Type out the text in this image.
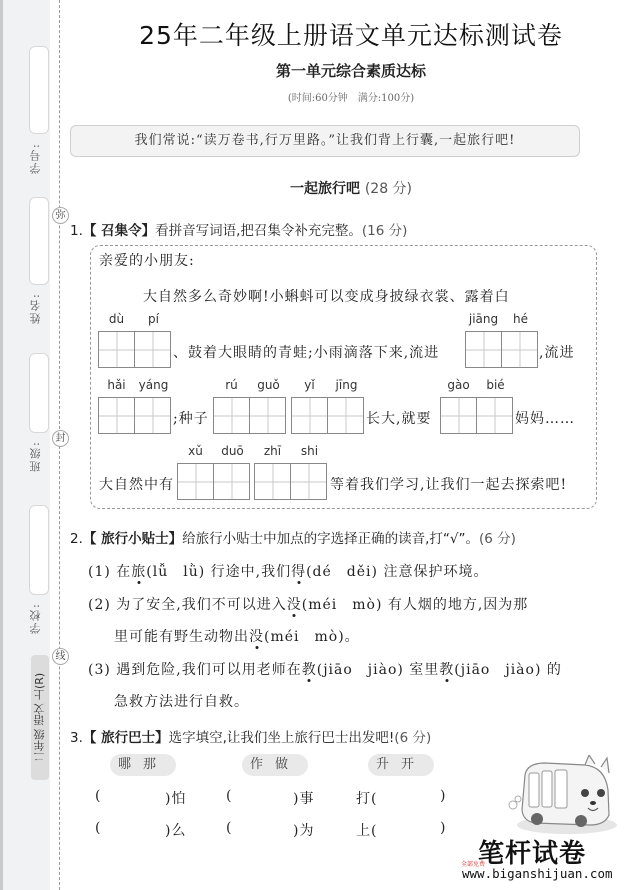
学号:
姓名:
班级:
学校:
二年级 语文 上(R)
弥
封
线
25年二年级上册语文单元达标测试卷
第一单元综合素质达标
(时间:60分钟　满分:100分)
我们常说:“读万卷书,行万里路。”让我们背上行囊,一起旅行吧!
一起旅行吧 (28 分)
1.【 召集令】看拼音写词语,把召集令补充完整。(16 分)
亲爱的小朋友:
大自然多么奇妙啊!小蝌蚪可以变成身披绿衣裳、露着白
dù	pí
、鼓着大眼睛的青蛙;小雨滴落下来,流进
jiāng	hé
,流进
hǎi	yáng
;种子
rú	guǒ	yǐ	jīng
长大,就要
gào	bié
妈妈……
大自然中有
xǔ	duō	zhī	shi
等着我们学习,让我们一起去探索吧!
2.【 旅行小贴士】给旅行小贴士中加点的字选择正确的读音,打“√”。(6 分)
(1) 在旅(lǚ　lǜ) 行途中,我们得(dé　děi) 注意保护环境。
(2) 为了安全,我们不可以进入没(méi　mò) 有人烟的地方,因为那
里可能有野生动物出没(méi　mò)。
(3) 遇到危险,我们可以用老师在教(jiāo　jiào) 室里教(jiāo　jiào) 的
急救方法进行自救。
3.【 旅行巴士】选字填空,让我们坐上旅行巴士出发吧!(6 分)
哪那	作做	升开
(	)怕
(	)么
(	)事
(	)为
打(	)
上(	)
笔杆试卷
全部免费
www.biganshijuan.com
